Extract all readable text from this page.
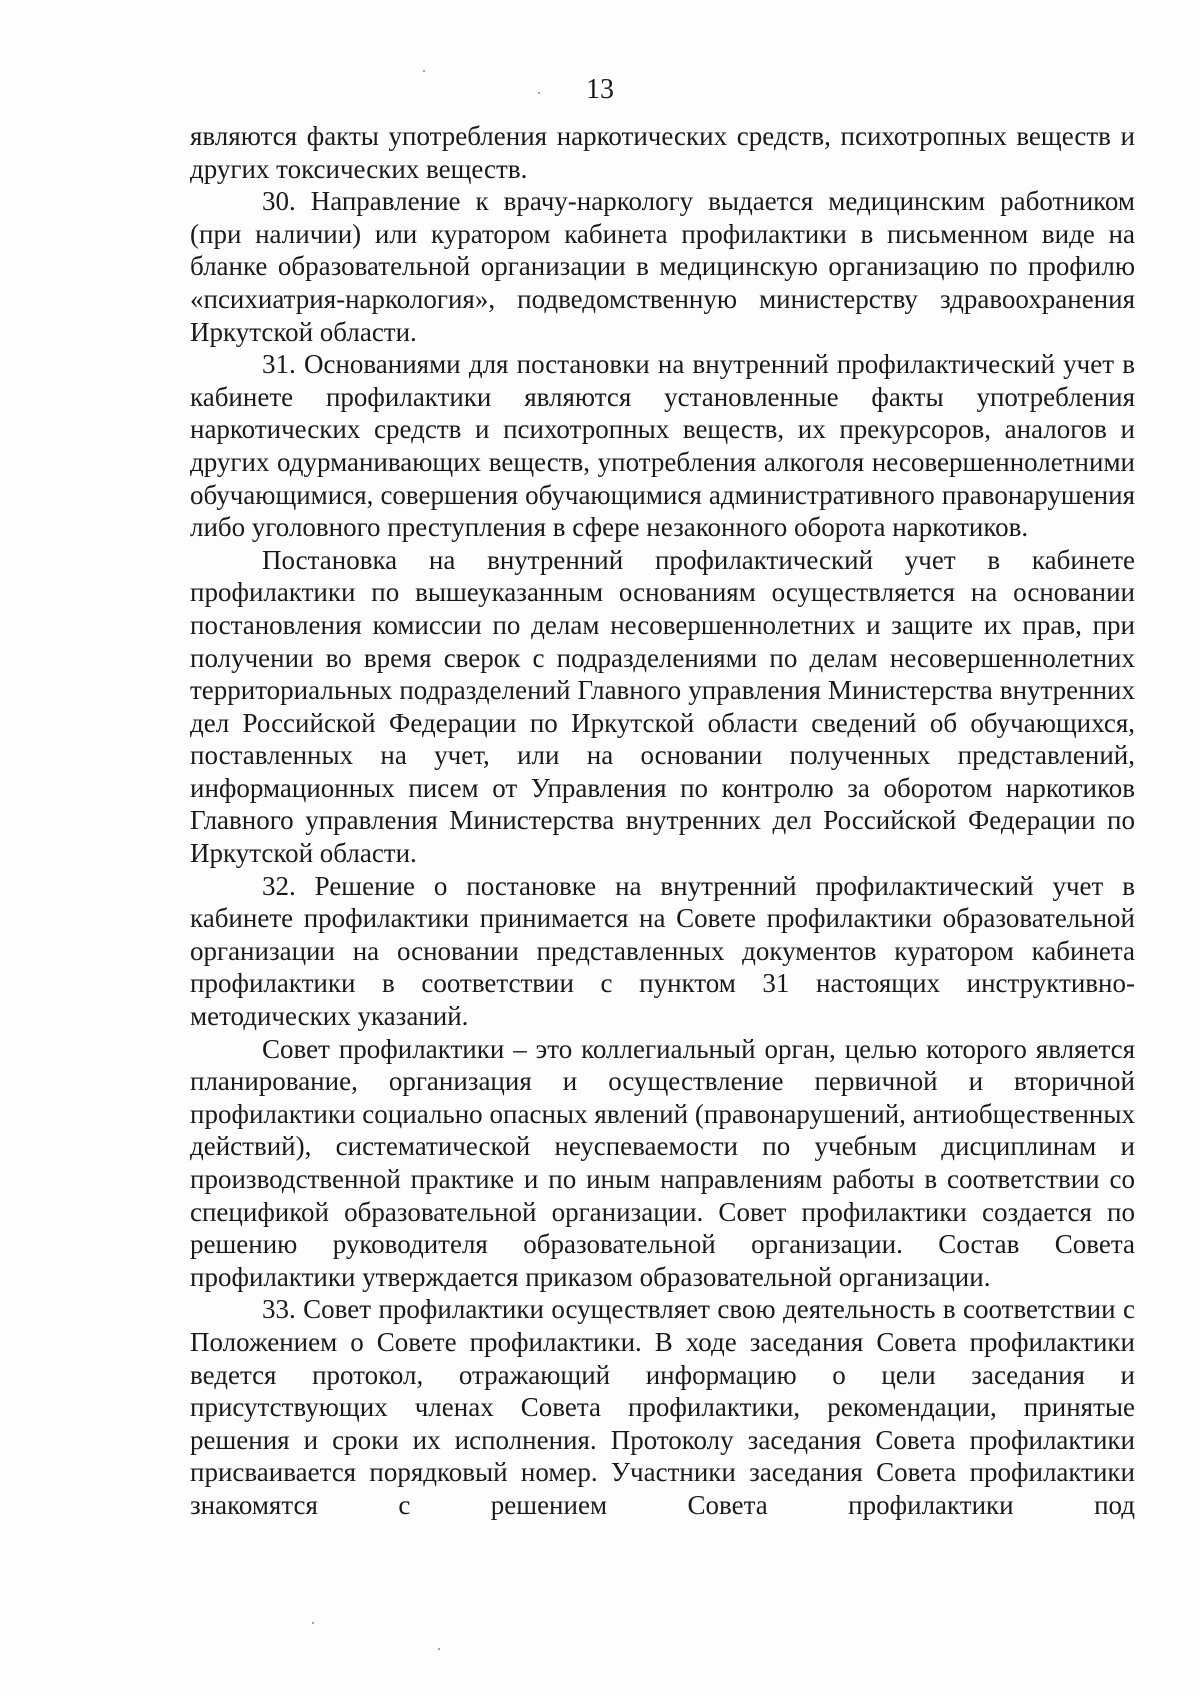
13

являются факты употребления наркотических средств, психотропных веществ и других токсических веществ.

30. Направление к врачу-наркологу выдается медицинским работником (при наличии) или куратором кабинета профилактики в письменном виде на бланке образовательной организации в медицинскую организацию по профилю «психиатрия-наркология», подведомственную министерству здравоохранения Иркутской области.

31. Основаниями для постановки на внутренний профилактический учет в кабинете профилактики являются установленные факты употребления наркотических средств и психотропных веществ, их прекурсоров, аналогов и других одурманивающих веществ, употребления алкоголя несовершеннолетними обучающимися, совершения обучающимися административного правонарушения либо уголовного преступления в сфере незаконного оборота наркотиков.

Постановка на внутренний профилактический учет в кабинете профилактики по вышеуказанным основаниям осуществляется на основании постановления комиссии по делам несовершеннолетних и защите их прав, при получении во время сверок с подразделениями по делам несовершеннолетних территориальных подразделений Главного управления Министерства внутренних дел Российской Федерации по Иркутской области сведений об обучающихся, поставленных на учет, или на основании полученных представлений, информационных писем от Управления по контролю за оборотом наркотиков Главного управления Министерства внутренних дел Российской Федерации по Иркутской области.

32. Решение о постановке на внутренний профилактический учет в кабинете профилактики принимается на Совете профилактики образовательной организации на основании представленных документов куратором кабинета профилактики в соответствии с пунктом 31 настоящих инструктивно-методических указаний.

Совет профилактики – это коллегиальный орган, целью которого является планирование, организация и осуществление первичной и вторичной профилактики социально опасных явлений (правонарушений, антиобщественных действий), систематической неуспеваемости по учебным дисциплинам и производственной практике и по иным направлениям работы в соответствии со спецификой образовательной организации. Совет профилактики создается по решению руководителя образовательной организации. Состав Совета профилактики утверждается приказом образовательной организации.

33. Совет профилактики осуществляет свою деятельность в соответствии с Положением о Совете профилактики. В ходе заседания Совета профилактики ведется протокол, отражающий информацию о цели заседания и присутствующих членах Совета профилактики, рекомендации, принятые решения и сроки их исполнения. Протоколу заседания Совета профилактики присваивается порядковый номер. Участники заседания Совета профилактики знакомятся с решением Совета профилактики под
